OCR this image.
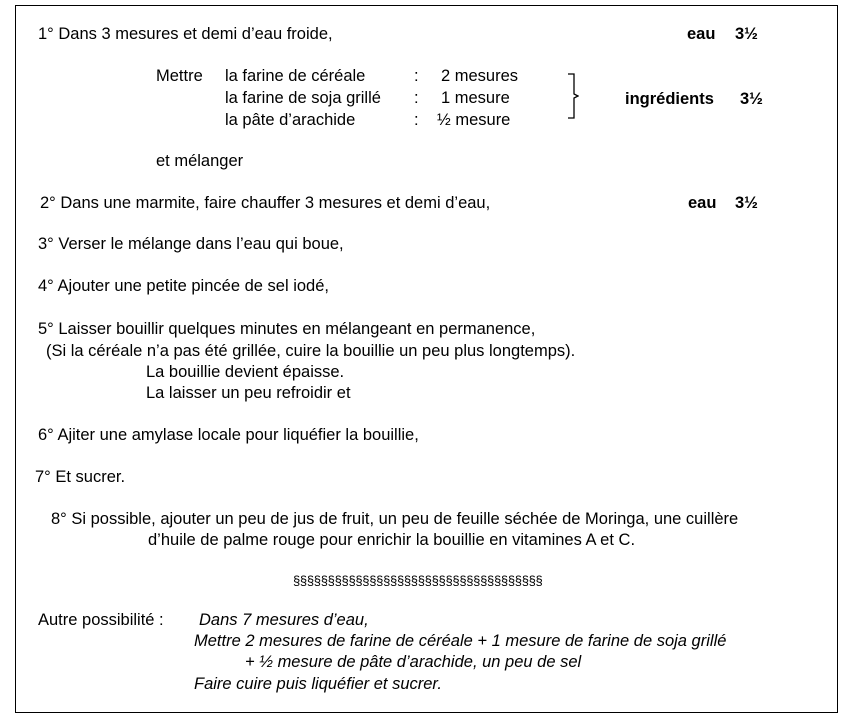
1° Dans 3 mesures et demi d’eau froide,	eau 3½
Mettre la farine de céréale	: 2 mesures
la farine de soja grillé : 1 mesure
la pâte d’arachide	: ½ mesure
ingrédients 3½
et mélanger
2° Dans une marmite, faire chauffer 3 mesures et demi d’eau,	eau 3½
3° Verser le mélange dans l’eau qui boue,
4° Ajouter une petite pincée de sel iodé,
5° Laisser bouillir quelques minutes en mélangeant en permanence,
(Si la céréale n’a pas été grillée, cuire la bouillie un peu plus longtemps).
La bouillie devient épaisse.
La laisser un peu refroidir et
6° Ajiter une amylase locale pour liquéfier la bouillie,
7° Et sucrer.
8° Si possible, ajouter un peu de jus de fruit, un peu de feuille séchée de Moringa, une cuillère
d’huile de palme rouge pour enrichir la bouillie en vitamines A et C.
§§§§§§§§§§§§§§§§§§§§§§§§§§§§§§§§§§§§
Autre possibilité : Dans 7 mesures d’eau,
Mettre 2 mesures de farine de céréale + 1 mesure de farine de soja grillé
+ ½ mesure de pâte d’arachide, un peu de sel
Faire cuire puis liquéfier et sucrer.
